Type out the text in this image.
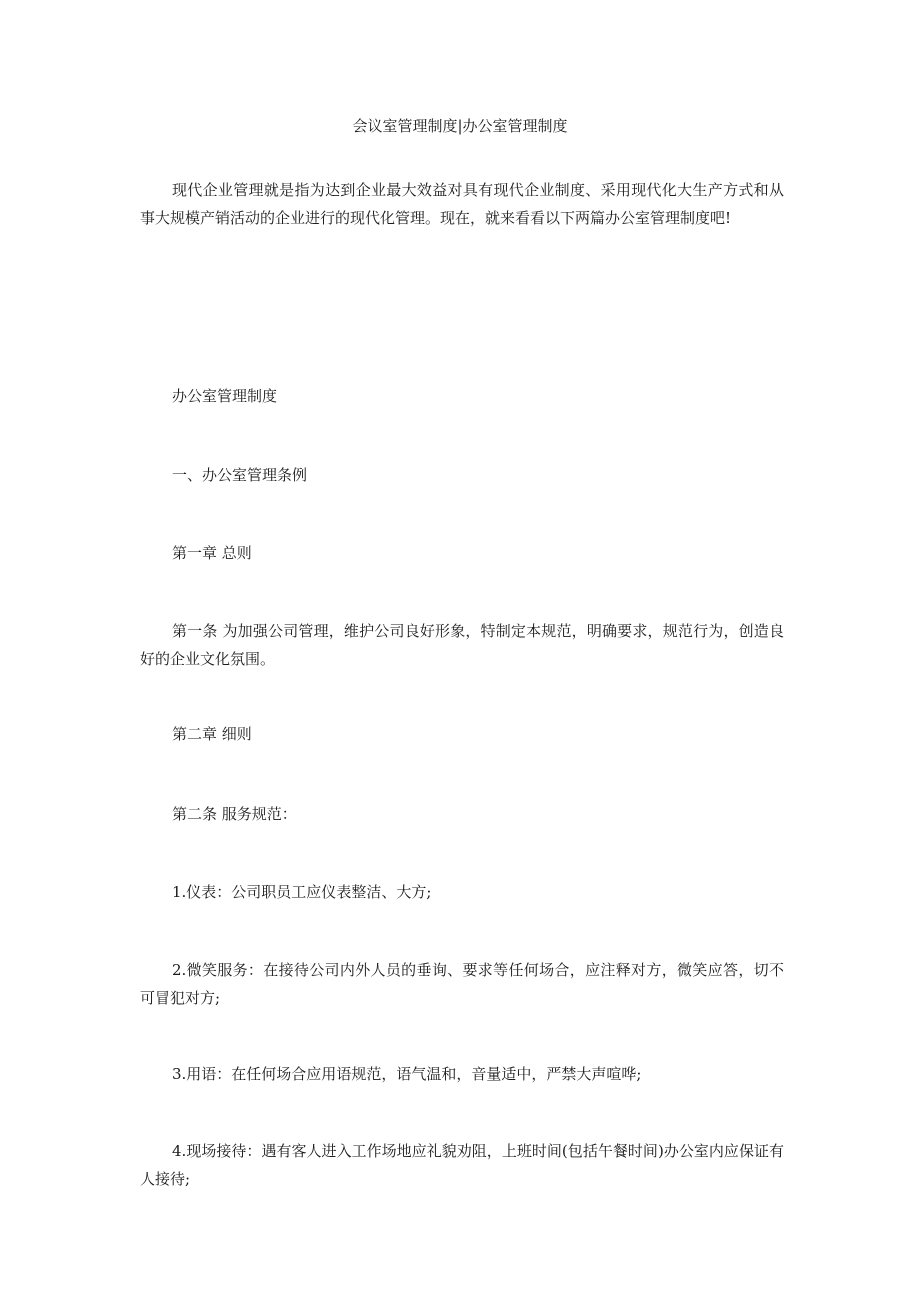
会议室管理制度|办公室管理制度
现代企业管理就是指为达到企业最大效益对具有现代企业制度、采用现代化大生产方式和从事大规模产销活动的企业进行的现代化管理。现在，就来看看以下两篇办公室管理制度吧!
办公室管理制度
一、办公室管理条例
第一章 总则
第一条 为加强公司管理，维护公司良好形象，特制定本规范，明确要求，规范行为，创造良好的企业文化氛围。
第二章 细则
第二条 服务规范：
1.仪表：公司职员工应仪表整洁、大方;
2.微笑服务：在接待公司内外人员的垂询、要求等任何场合，应注释对方，微笑应答，切不可冒犯对方;
3.用语：在任何场合应用语规范，语气温和，音量适中，严禁大声喧哗;
4.现场接待：遇有客人进入工作场地应礼貌劝阻，上班时间(包括午餐时间)办公室内应保证有人接待;
